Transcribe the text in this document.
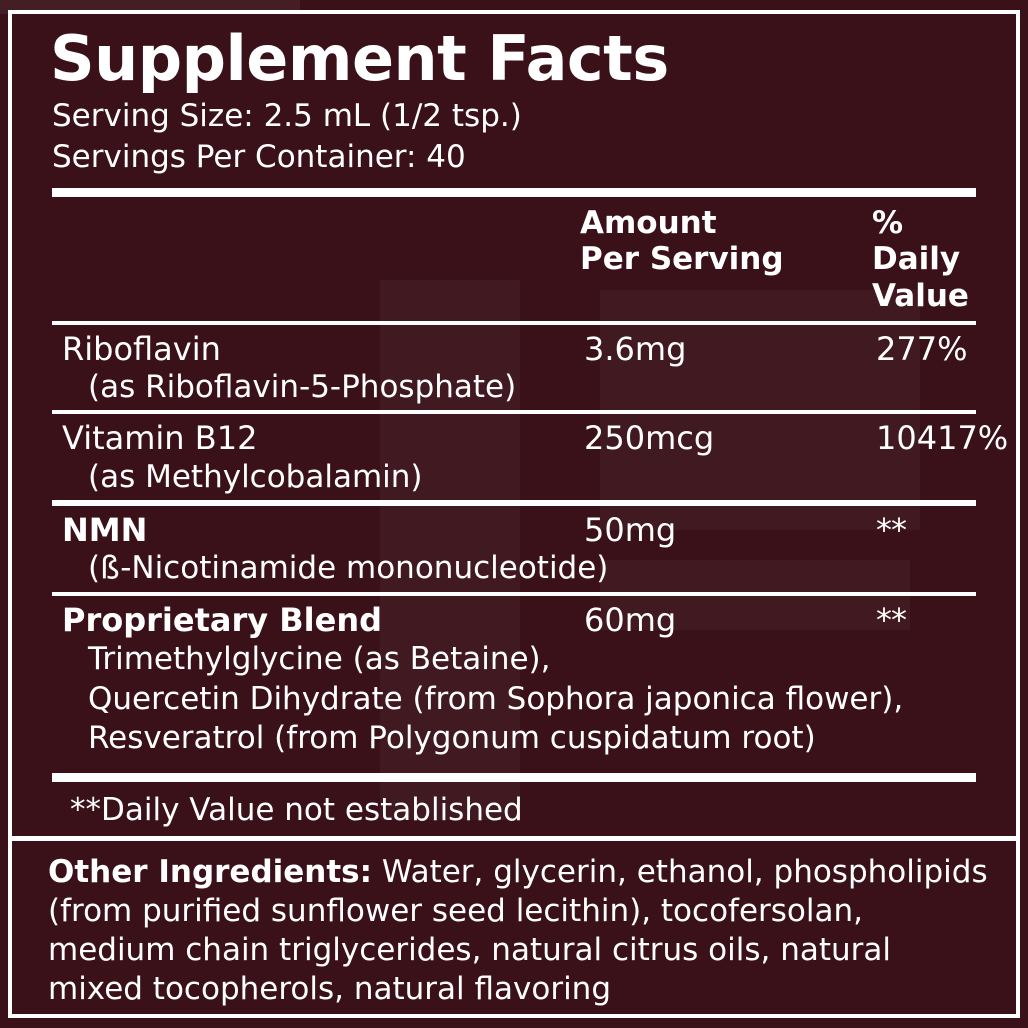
Supplement Facts
Serving Size: 2.5 mL (1/2 tsp.)
Servings Per Container: 40
Amount
Per Serving
% Daily
Value
Riboflavin	3.6mg	277%
(as Riboflavin-5-Phosphate)
Vitamin B12	250mcg	10417%
(as Methylcobalamin)
NMN	50mg	**
(ß-Nicotinamide mononucleotide)
Proprietary Blend	60mg	**
Trimethylglycine (as Betaine),
Quercetin Dihydrate (from Sophora japonica flower),
Resveratrol (from Polygonum cuspidatum root)
**Daily Value not established
Other Ingredients: Water, glycerin, ethanol, phospholipids (from purified sunflower seed lecithin), tocofersolan, medium chain triglycerides, natural citrus oils, natural mixed tocopherols, natural flavoring
